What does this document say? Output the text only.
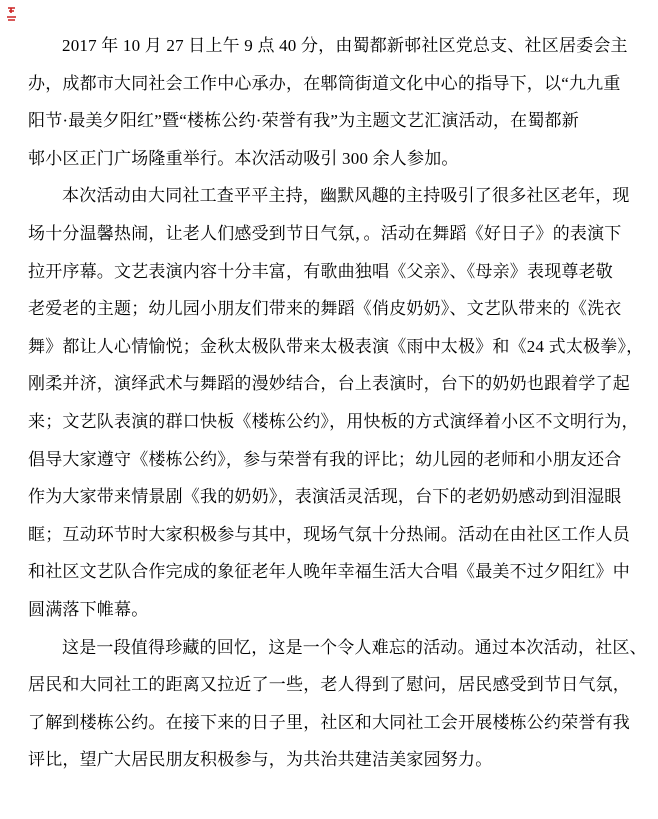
2017 年 10 月 27 日上午 9 点 40 分，由蜀都新邨社区党总支、社区居委会主
办，成都市大同社会工作中心承办，在郫筒街道文化中心的指导下，以“九九重
阳节·最美夕阳红”暨“楼栋公约·荣誉有我”为主题文艺汇演活动，在蜀都新
邨小区正门广场隆重举行。本次活动吸引 300 余人参加。
本次活动由大同社工查平平主持，幽默风趣的主持吸引了很多社区老年，现
场十分温馨热闹，让老人们感受到节日气氛，。活动在舞蹈《好日子》的表演下
拉开序幕。文艺表演内容十分丰富，有歌曲独唱《父亲》、《母亲》表现尊老敬
老爱老的主题；幼儿园小朋友们带来的舞蹈《俏皮奶奶》、文艺队带来的《洗衣
舞》都让人心情愉悦；金秋太极队带来太极表演《雨中太极》和《24 式太极拳》，
刚柔并济，演绎武术与舞蹈的漫妙结合，台上表演时，台下的奶奶也跟着学了起
来；文艺队表演的群口快板《楼栋公约》，用快板的方式演绎着小区不文明行为，
倡导大家遵守《楼栋公约》，参与荣誉有我的评比；幼儿园的老师和小朋友还合
作为大家带来情景剧《我的奶奶》，表演活灵活现，台下的老奶奶感动到泪湿眼
眶；互动环节时大家积极参与其中，现场气氛十分热闹。活动在由社区工作人员
和社区文艺队合作完成的象征老年人晚年幸福生活大合唱《最美不过夕阳红》中
圆满落下帷幕。
这是一段值得珍藏的回忆，这是一个令人难忘的活动。通过本次活动，社区、
居民和大同社工的距离又拉近了一些，老人得到了慰问，居民感受到节日气氛，
了解到楼栋公约。在接下来的日子里，社区和大同社工会开展楼栋公约荣誉有我
评比，望广大居民朋友积极参与，为共治共建洁美家园努力。
